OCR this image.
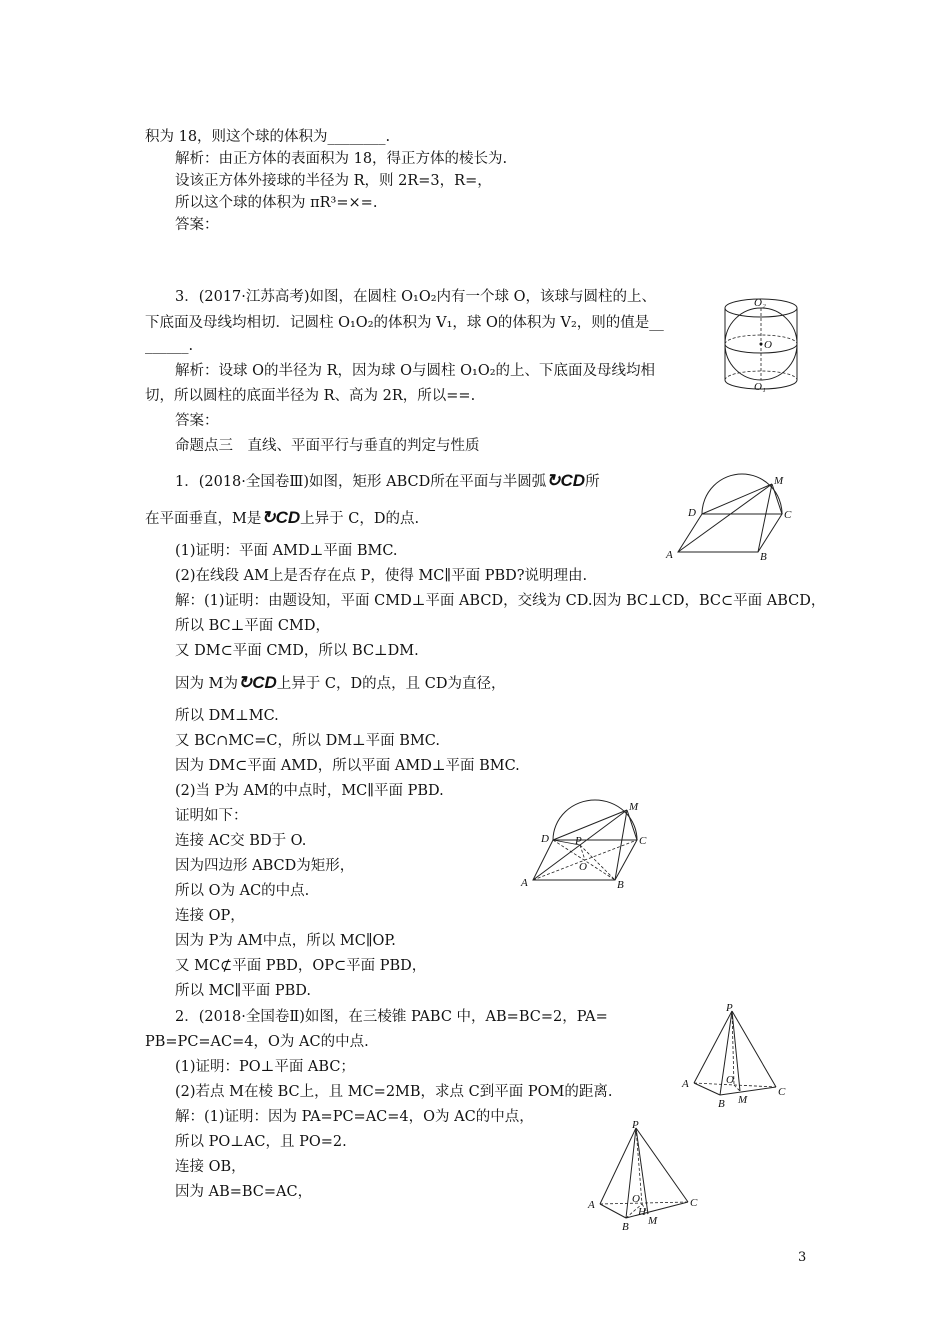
积为 18，则这个球的体积为________.
解析：由正方体的表面积为 18，得正方体的棱长为.
设该正方体外接球的半径为 R，则 2R=3，R=，
所以这个球的体积为 πR³=×=.
答案：
3．(2017·江苏高考)如图，在圆柱 O₁O₂内有一个球 O，该球与圆柱的上、
下底面及母线均相切．记圆柱 O₁O₂的体积为 V₁，球 O的体积为 V₂，则的值是__
______.
解析：设球 O的半径为 R，因为球 O与圆柱 O₁O₂的上、下底面及母线均相
切，所以圆柱的底面半径为 R、高为 2R，所以==.
答案：
命题点三　直线、平面平行与垂直的判定与性质
1．(2018·全国卷Ⅲ)如图，矩形 ABCD所在平面与半圆弧↻CD所
在平面垂直，M是↻CD上异于 C，D的点.
(1)证明：平面 AMD⊥平面 BMC.
(2)在线段 AM上是否存在点 P，使得 MC∥平面 PBD?说明理由.
解：(1)证明：由题设知，平面 CMD⊥平面 ABCD，交线为 CD.因为 BC⊥CD，BC⊂平面 ABCD，
所以 BC⊥平面 CMD，
又 DM⊂平面 CMD，所以 BC⊥DM.
因为 M为↻CD上异于 C，D的点，且 CD为直径，
所以 DM⊥MC.
又 BC∩MC=C，所以 DM⊥平面 BMC.
因为 DM⊂平面 AMD，所以平面 AMD⊥平面 BMC.
(2)当 P为 AM的中点时，MC∥平面 PBD.
证明如下：
连接 AC交 BD于 O.
因为四边形 ABCD为矩形，
所以 O为 AC的中点.
连接 OP，
因为 P为 AM中点，所以 MC∥OP.
又 MC⊄平面 PBD，OP⊂平面 PBD，
所以 MC∥平面 PBD.
2．(2018·全国卷Ⅱ)如图，在三棱锥 PABC 中，AB=BC=2，PA=
PB=PC=AC=4，O为 AC的中点.
(1)证明：PO⊥平面 ABC；
(2)若点 M在棱 BC上，且 MC=2MB，求点 C到平面 POM的距离.
解：(1)证明：因为 PA=PC=AC=4，O为 AC的中点，
所以 PO⊥AC，且 PO=2.
连接 OB，
因为 AB=BC=AC，
O₂
O
O₁
M
D	C
A	B
M
D P	C
O
A	B
P
A	O
C
B M
P
A	O
H
C
B M
3
